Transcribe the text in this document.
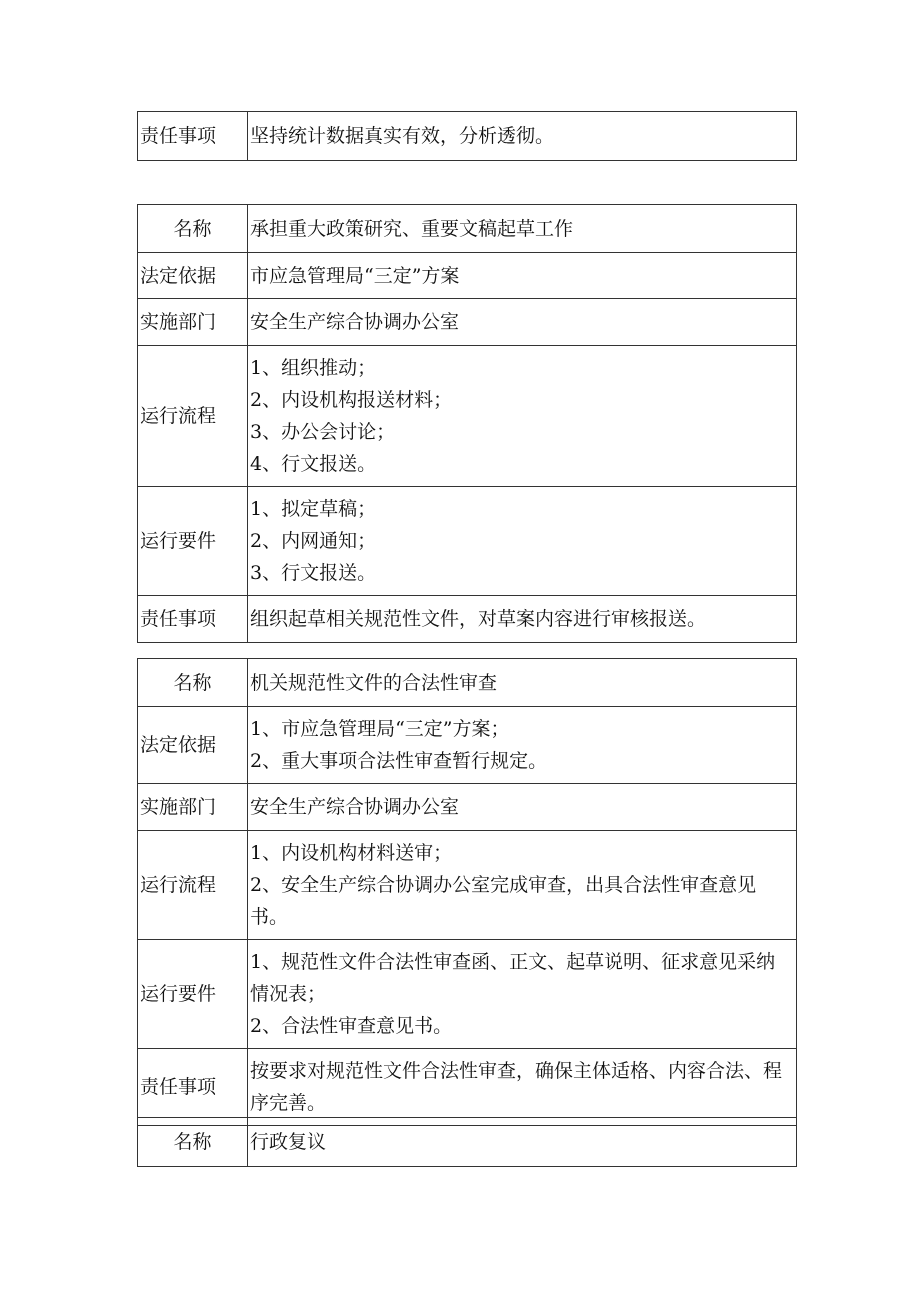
责任事项	坚持统计数据真实有效，分析透彻。
名称	承担重大政策研究、重要文稿起草工作
法定依据	市应急管理局“三定”方案
实施部门	安全生产综合协调办公室
运行流程	1、组织推动；
2、内设机构报送材料；
3、办公会讨论；
4、行文报送。

运行要件	1、拟定草稿；
2、内网通知；
3、行文报送。

责任事项	组织起草相关规范性文件，对草案内容进行审核报送。
名称	机关规范性文件的合法性审查
法定依据	1、市应急管理局“三定”方案；
2、重大事项合法性审查暂行规定。

实施部门	安全生产综合协调办公室
运行流程	1、内设机构材料送审；
2、安全生产综合协调办公室完成审查，出具合法性审查意见书。

运行要件	1、规范性文件合法性审查函、正文、起草说明、征求意见采纳情况表；
2、合法性审查意见书。

责任事项	按要求对规范性文件合法性审查，确保主体适格、内容合法、程序完善。
名称	行政复议
